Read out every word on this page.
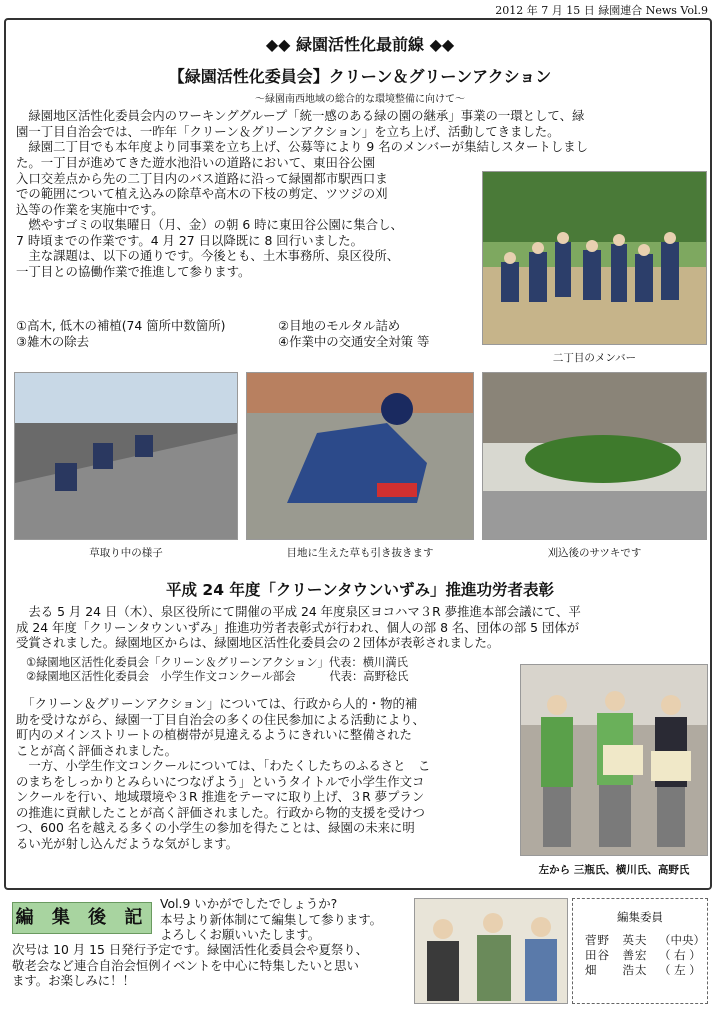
2012 年 7 月 15 日 緑園連合 News Vol.9
◆◆ 緑園活性化最前線 ◆◆
【緑園活性化委員会】クリーン＆グリーンアクション
～緑園南西地域の総合的な環境整備に向けて～
　緑園地区活性化委員会内のワーキンググループ「統一感のある緑の園の継承」事業の一環として、緑
園一丁目自治会では、一昨年「クリーン＆グリーンアクション」を立ち上げ、活動してきました。
　緑園二丁目でも本年度より同事業を立ち上げ、公募等により 9 名のメンバーが集結しスタートしまし
た。一丁目が進めてきた遊水池沿いの道路において、東田谷公園
入口交差点から先の二丁目内のバス道路に沿って緑園都市駅西口ま
での範囲について植え込みの除草や高木の下枝の剪定、ツツジの刈
込等の作業を実施中です。
　燃やすゴミの収集曜日（月、金）の朝 6 時に東田谷公園に集合し、
7 時頃までの作業です。4 月 27 日以降既に 8 回行いました。
　主な課題は、以下の通りです。今後とも、土木事務所、泉区役所、
一丁目との協働作業で推進して参ります。
①高木, 低木の補植(74 箇所中数箇所)	②目地のモルタル詰め
③雑木の除去	④作業中の交通安全対策 等
二丁目のメンバー
草取り中の様子	目地に生えた草も引き抜きます	刈込後のサツキです
平成 24 年度「クリーンタウンいずみ」推進功労者表彰
　去る 5 月 24 日（木）、泉区役所にて開催の平成 24 年度泉区ヨコハマ３R 夢推進本部会議にて、平
成 24 年度「クリーンタウンいずみ」推進功労者表彰式が行われ、個人の部 8 名、団体の部 5 団体が
受賞されました。緑園地区からは、緑園地区活性化委員会の２団体が表彰されました。
①緑園地区活性化委員会「クリーン＆グリーンアクション」代表：横川満氏
②緑園地区活性化委員会　小学生作文コンクール部会　　　代表：高野稔氏
　「クリーン＆グリーンアクション」については、行政から人的・物的補
助を受けながら、緑園一丁目自治会の多くの住民参加による活動により、
町内のメインストリートの植樹帯が見違えるようにきれいに整備された
ことが高く評価されました。
　一方、小学生作文コンクールについては、「わたくしたちのふるさと　こ
のまちをしっかりとみらいにつなげよう」というタイトルで小学生作文コ
ンクールを行い、地域環境や３R 推進をテーマに取り上げ、３R 夢プラン
の推進に貢献したことが高く評価されました。行政から物的支援を受けつ
つ、600 名を越える多くの小学生の参加を得たことは、緑園の未来に明
るい光が射し込んだような気がします。
左から 三瓶氏、横川氏、高野氏
編 集 後 記
Vol.9 いかがでしたでしょうか?
本号より新体制にて編集して参ります。
よろしくお願いいたします。
次号は 10 月 15 日発行予定です。緑園活性化委員会や夏祭り、
敬老会など連合自治会恒例イベントを中心に特集したいと思い
ます。お楽しみに！！
編集委員
菅野　英夫	（中央）
田谷　善宏	（ 右 ）
畑　　浩太	（ 左 ）
